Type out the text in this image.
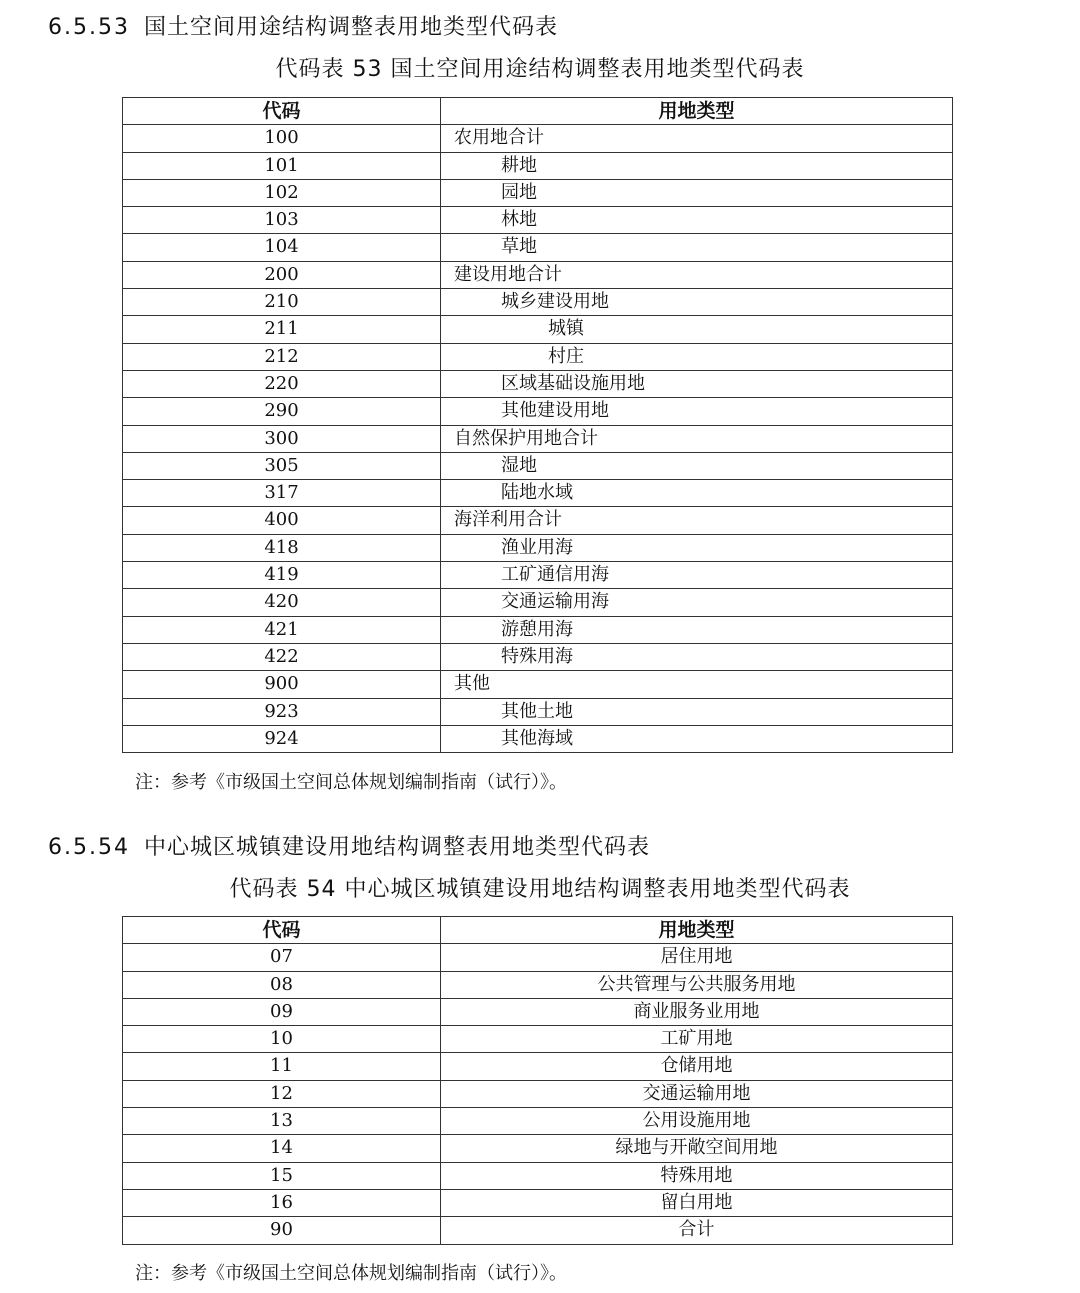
6.5.53 国土空间用途结构调整表用地类型代码表
代码表 53 国土空间用途结构调整表用地类型代码表
代码	用地类型
100	农用地合计
101	耕地
102	园地
103	林地
104	草地
200	建设用地合计
210	城乡建设用地
211	城镇
212	村庄
220	区域基础设施用地
290	其他建设用地
300	自然保护用地合计
305	湿地
317	陆地水域
400	海洋利用合计
418	渔业用海
419	工矿通信用海
420	交通运输用海
421	游憩用海
422	特殊用海
900	其他
923	其他土地
924	其他海域
注：参考《市级国土空间总体规划编制指南（试行）》。
6.5.54 中心城区城镇建设用地结构调整表用地类型代码表
代码表 54 中心城区城镇建设用地结构调整表用地类型代码表
代码	用地类型
07	居住用地
08	公共管理与公共服务用地
09	商业服务业用地
10	工矿用地
11	仓储用地
12	交通运输用地
13	公用设施用地
14	绿地与开敞空间用地
15	特殊用地
16	留白用地
90	合计
注：参考《市级国土空间总体规划编制指南（试行）》。
